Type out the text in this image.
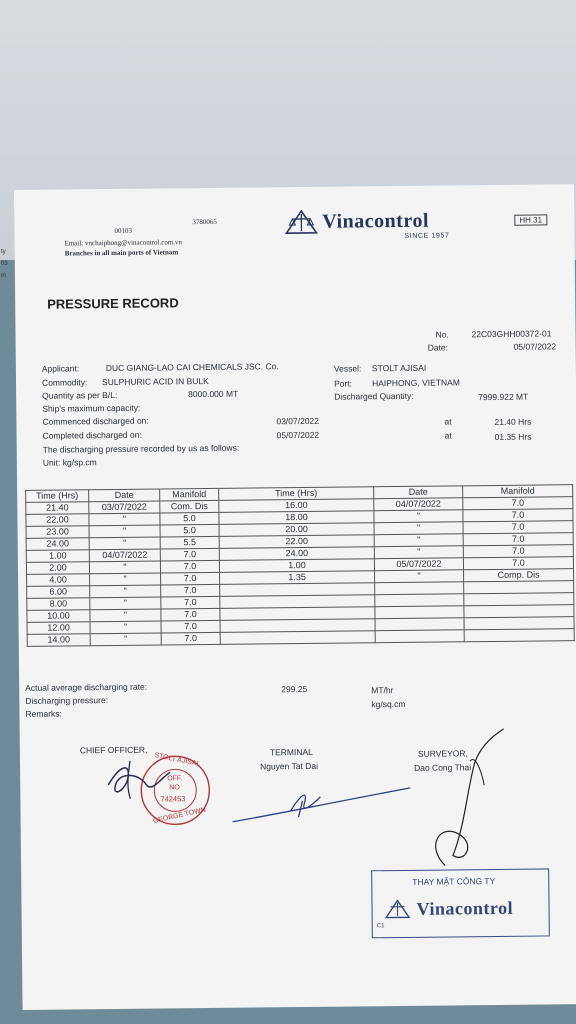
ty
03
m
00103
3780065
Email: vnchaiphong@vinacontrol.com.vn
Branches in all main ports of Vietnam
Vinacontrol
SINCE 1957
HH 31
PRESSURE RECORD
No.	22C03GHH00372-01
Date:	05/07/2022
Applicant:	DUC GIANG-LAO CAI CHEMICALS JSC. Co.
Commodity: SULPHURIC ACID IN BULK
Quantity as per B/L:	8000.000 MT
Ship's maximum capacity:
Commenced discharged on:	03/07/2022	at	21.40 Hrs
Completed discharged on:	05/07/2022	at	01.35 Hrs
The discharging pressure recorded by us as follows:
Unit: kg/sp.cm
Vessel: STOLT AJISAI
Port: HAIPHONG, VIETNAM
Discharged Quantity:	7999.922 MT
Time (Hrs)	Date	Manifold	Time (Hrs)	Date	Manifold
21.40	03/07/2022	Com. Dis	16.00	04/07/2022	7.0
22.00	"	5.0	18.00	"	7.0
23.00	"	5.0	20.00	"	7.0
24.00	"	5.5	22.00	"	7.0
1.00	04/07/2022	7.0	24.00	"	7.0
2.00	"	7.0	1.00	05/07/2022	7.0
4.00	"	7.0	1.35	"	Comp. Dis
6.00	"	7.0			
8.00	"	7.0			
10.00	"	7.0			
12.00	"	7.0			
14.00	"	7.0			
Actual average discharging rate:	299.25	MT/hr
Discharging pressure:	kg/sq.cm
Remarks:
CHIEF OFFICER,
STOLT AJISAI
OFF.
NO
742453
GEORGE TOWN
TERMINAL
Nguyen Tat Dai
SURVEYOR,
Dao Cong Thai
THAY MẶT CÔNG TY
Vinacontrol
C1
